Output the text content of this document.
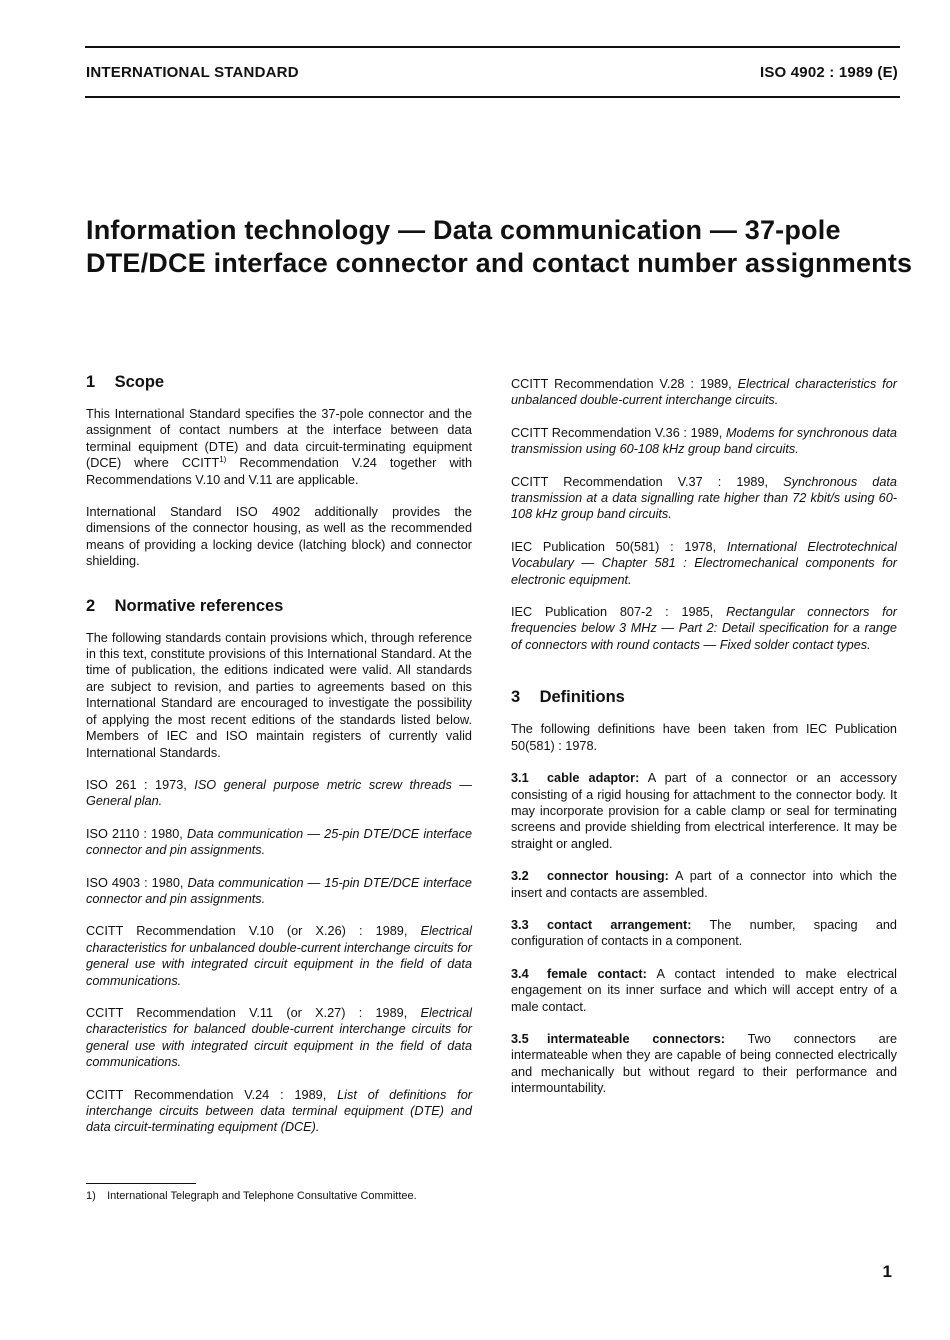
INTERNATIONAL STANDARD	ISO 4902 : 1989 (E)
Information technology — Data communication — 37-pole DTE/DCE interface connector and contact number assignments
1 Scope

This International Standard specifies the 37-pole connector and the assignment of contact numbers at the interface between data terminal equipment (DTE) and data circuit-terminating equipment (DCE) where CCITT$^{1)}$ Recommendation V.24 together with Recommendations V.10 and V.11 are applicable.

International Standard ISO 4902 additionally provides the dimensions of the connector housing, as well as the recommended means of providing a locking device (latching block) and connector shielding.

2 Normative references

The following standards contain provisions which, through reference in this text, constitute provisions of this International Standard. At the time of publication, the editions indicated were valid. All standards are subject to revision, and parties to agreements based on this International Standard are encouraged to investigate the possibility of applying the most recent editions of the standards listed below. Members of IEC and ISO maintain registers of currently valid International Standards.

ISO 261 : 1973, ISO general purpose metric screw threads — General plan.

ISO 2110 : 1980, Data communication — 25-pin DTE/DCE interface connector and pin assignments.

ISO 4903 : 1980, Data communication — 15-pin DTE/DCE interface connector and pin assignments.

CCITT Recommendation V.10 (or X.26) : 1989, Electrical characteristics for unbalanced double-current interchange circuits for general use with integrated circuit equipment in the field of data communications.

CCITT Recommendation V.11 (or X.27) : 1989, Electrical characteristics for balanced double-current interchange circuits for general use with integrated circuit equipment in the field of data communications.

CCITT Recommendation V.24 : 1989, List of definitions for interchange circuits between data terminal equipment (DTE) and data circuit-terminating equipment (DCE).

CCITT Recommendation V.28 : 1989, Electrical characteristics for unbalanced double-current interchange circuits.

CCITT Recommendation V.36 : 1989, Modems for synchronous data transmission using 60-108 kHz group band circuits.

CCITT Recommendation V.37 : 1989, Synchronous data transmission at a data signalling rate higher than 72 kbit/s using 60-108 kHz group band circuits.

IEC Publication 50(581) : 1978, International Electrotechnical Vocabulary — Chapter 581 : Electromechanical components for electronic equipment.

IEC Publication 807-2 : 1985, Rectangular connectors for frequencies below 3 MHz — Part 2: Detail specification for a range of connectors with round contacts — Fixed solder contact types.

3 Definitions

The following definitions have been taken from IEC Publication 50(581) : 1978.

3.1 cable adaptor: A part of a connector or an accessory consisting of a rigid housing for attachment to the connector body. It may incorporate provision for a cable clamp or seal for terminating screens and provide shielding from electrical interference. It may be straight or angled.

3.2 connector housing: A part of a connector into which the insert and contacts are assembled.

3.3 contact arrangement: The number, spacing and configuration of contacts in a component.

3.4 female contact: A contact intended to make electrical engagement on its inner surface and which will accept entry of a male contact.

3.5 intermateable connectors: Two connectors are intermateable when they are capable of being connected electrically and mechanically but without regard to their performance and intermountability.

1) International Telegraph and Telephone Consultative Committee.
1
